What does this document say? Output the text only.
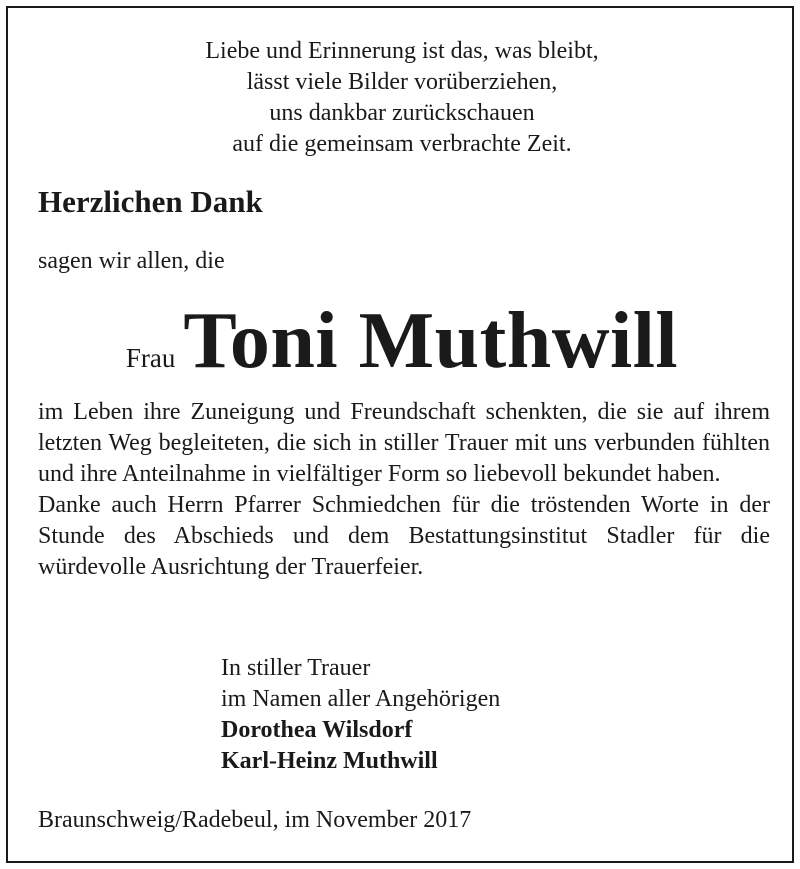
Liebe und Erinnerung ist das, was bleibt,
lässt viele Bilder vorüberziehen,
uns dankbar zurückschauen
auf die gemeinsam verbrachte Zeit.
Herzlichen Dank
sagen wir allen, die
Frau Toni Muthwill

im Leben ihre Zuneigung und Freundschaft schenkten, die sie auf ihrem letzten Weg begleiteten, die sich in stiller Trauer mit uns verbunden fühlten und ihre Anteilnahme in vielfältiger Form so liebevoll bekundet haben.

Danke auch Herrn Pfarrer Schmiedchen für die tröstenden Worte in der Stunde des Abschieds und dem Bestattungsinstitut Stadler für die würdevolle Ausrichtung der Trauerfeier.

In stiller Trauer
im Namen aller Angehörigen
Dorothea Wilsdorf
Karl-Heinz Muthwill
Braunschweig/Radebeul, im November 2017
